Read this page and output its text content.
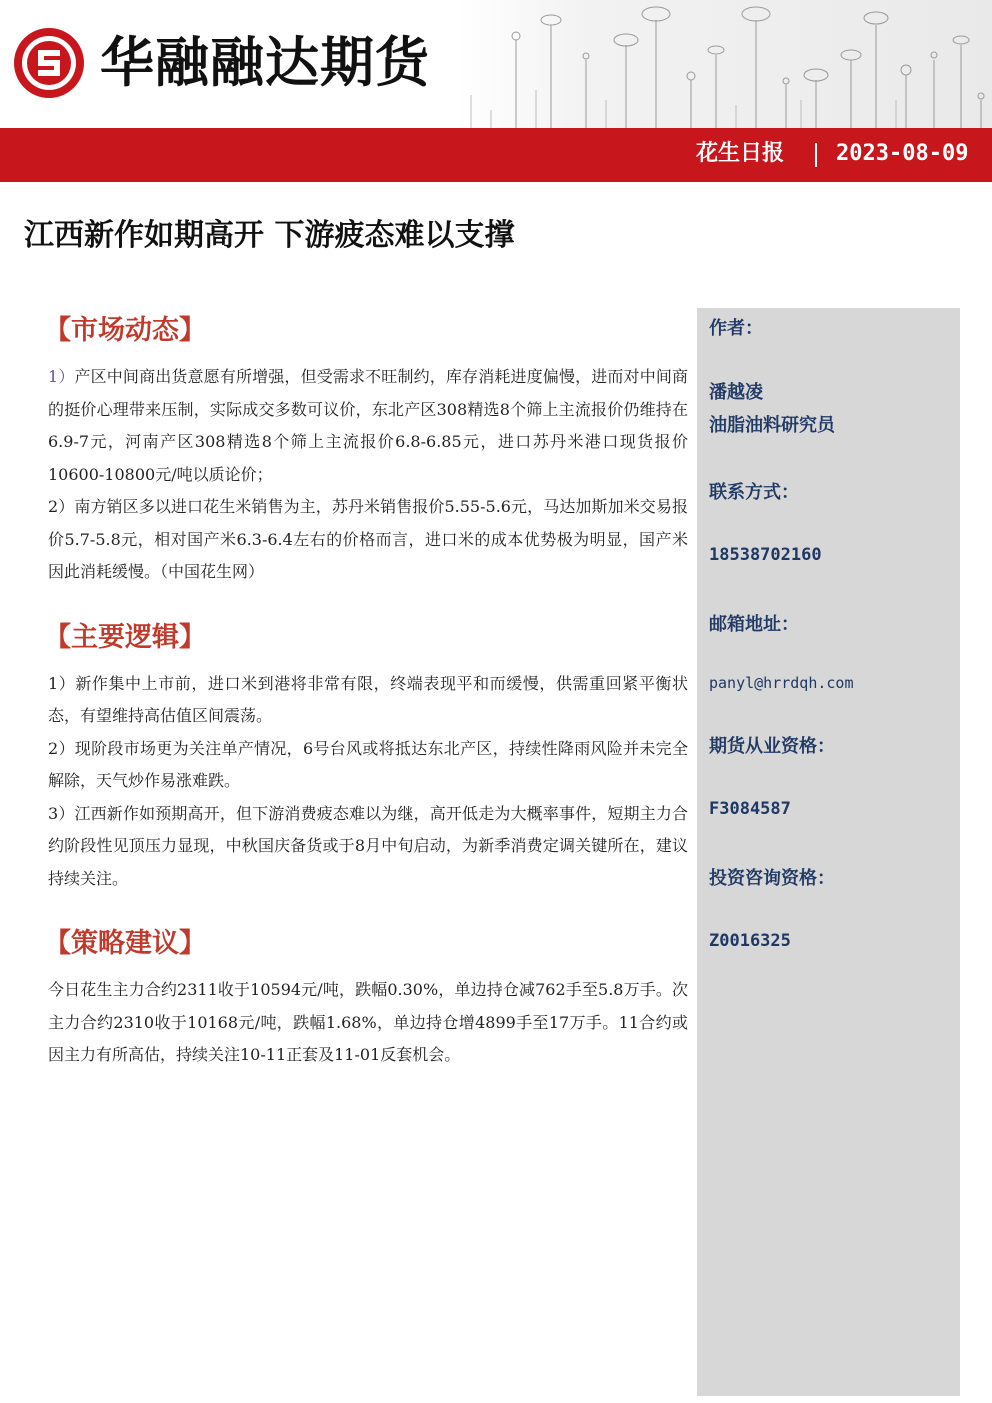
华融融达期货
花生日报 2023-08-09
江西新作如期高开 下游疲态难以支撑
【市场动态】

1）产区中间商出货意愿有所增强，但受需求不旺制约，库存消耗进度偏慢，进而对中间商的挺价心理带来压制，实际成交多数可议价，东北产区308精选8个筛上主流报价仍维持在6.9-7元，河南产区308精选8个筛上主流报价6.8-6.85元，进口苏丹米港口现货报价10600-10800元/吨以质论价；

2）南方销区多以进口花生米销售为主，苏丹米销售报价5.55-5.6元，马达加斯加米交易报价5.7-5.8元，相对国产米6.3-6.4左右的价格而言，进口米的成本优势极为明显，国产米因此消耗缓慢。（中国花生网）

【主要逻辑】

1）新作集中上市前，进口米到港将非常有限，终端表现平和而缓慢，供需重回紧平衡状态，有望维持高估值区间震荡。

2）现阶段市场更为关注单产情况，6号台风或将抵达东北产区，持续性降雨风险并未完全解除，天气炒作易涨难跌。

3）江西新作如预期高开，但下游消费疲态难以为继，高开低走为大概率事件，短期主力合约阶段性见顶压力显现，中秋国庆备货或于8月中旬启动，为新季消费定调关键所在，建议持续关注。

【策略建议】

今日花生主力合约2311收于10594元/吨，跌幅0.30%，单边持仓减762手至5.8万手。次主力合约2310收于10168元/吨，跌幅1.68%，单边持仓增4899手至17万手。11合约或因主力有所高估，持续关注10-11正套及11-01反套机会。

作者：
潘越凌
油脂油料研究员
联系方式：
18538702160
邮箱地址：
panyl@hrrdqh.com
期货从业资格：
F3084587
投资咨询资格：
Z0016325
